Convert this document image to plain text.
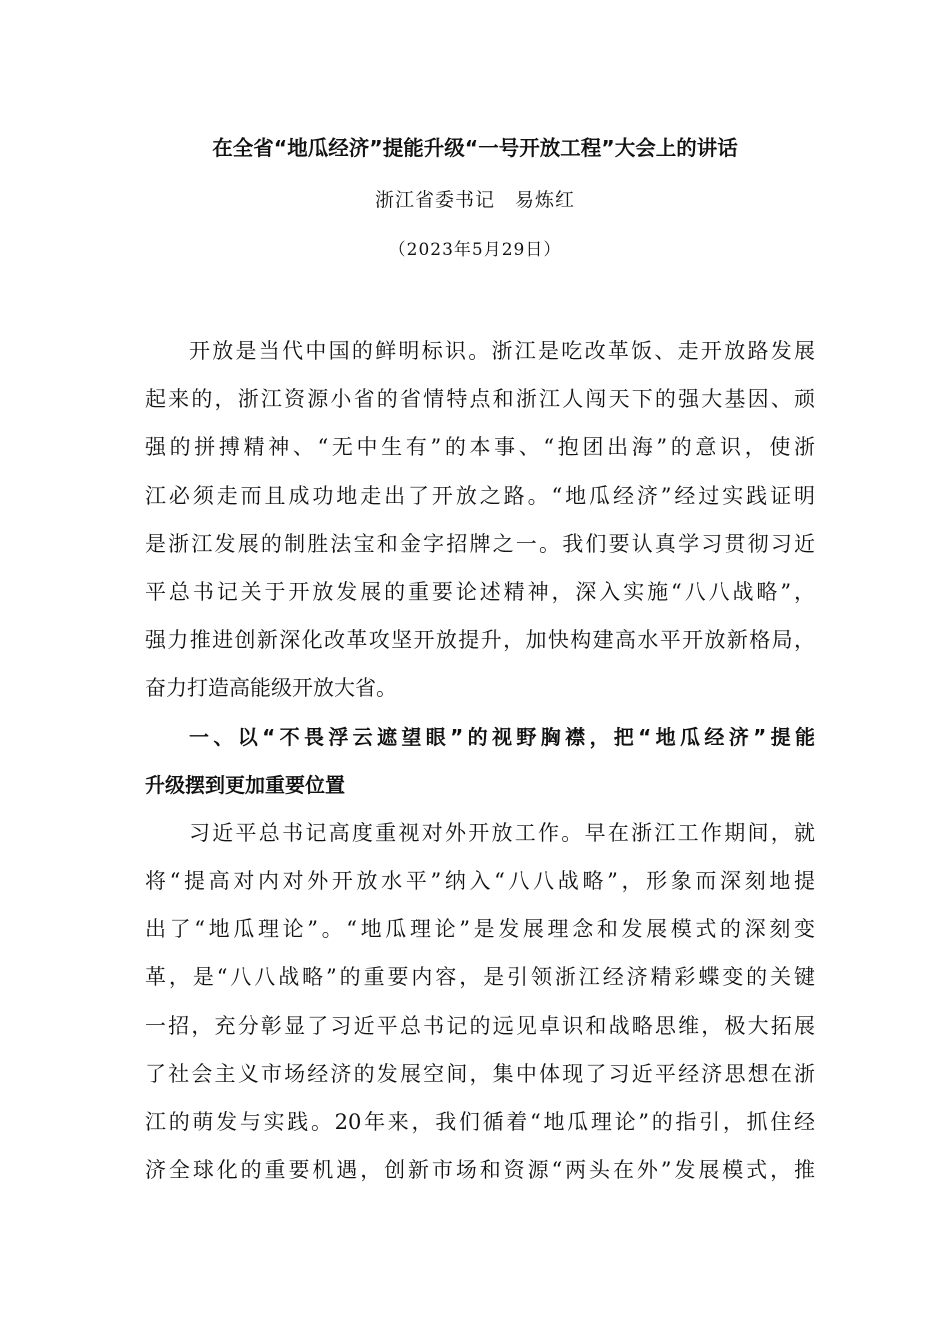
在全省“地瓜经济”提能升级“一号开放工程”大会上的讲话
浙江省委书记　易炼红
（2023年5月29日）
开放是当代中国的鲜明标识。浙江是吃改革饭、走开放路发展
起来的，浙江资源小省的省情特点和浙江人闯天下的强大基因、顽
强的拼搏精神、“无中生有”的本事、“抱团出海”的意识，使浙
江必须走而且成功地走出了开放之路。“地瓜经济”经过实践证明
是浙江发展的制胜法宝和金字招牌之一。我们要认真学习贯彻习近
平总书记关于开放发展的重要论述精神，深入实施“八八战略”，
强力推进创新深化改革攻坚开放提升，加快构建高水平开放新格局，
奋力打造高能级开放大省。
一、以“不畏浮云遮望眼”的视野胸襟，把“地瓜经济”提能
升级摆到更加重要位置
习近平总书记高度重视对外开放工作。早在浙江工作期间，就
将“提高对内对外开放水平”纳入“八八战略”，形象而深刻地提
出了“地瓜理论”。“地瓜理论”是发展理念和发展模式的深刻变
革，是“八八战略”的重要内容，是引领浙江经济精彩蝶变的关键
一招，充分彰显了习近平总书记的远见卓识和战略思维，极大拓展
了社会主义市场经济的发展空间，集中体现了习近平经济思想在浙
江的萌发与实践。20年来，我们循着“地瓜理论”的指引，抓住经
济全球化的重要机遇，创新市场和资源“两头在外”发展模式，推
